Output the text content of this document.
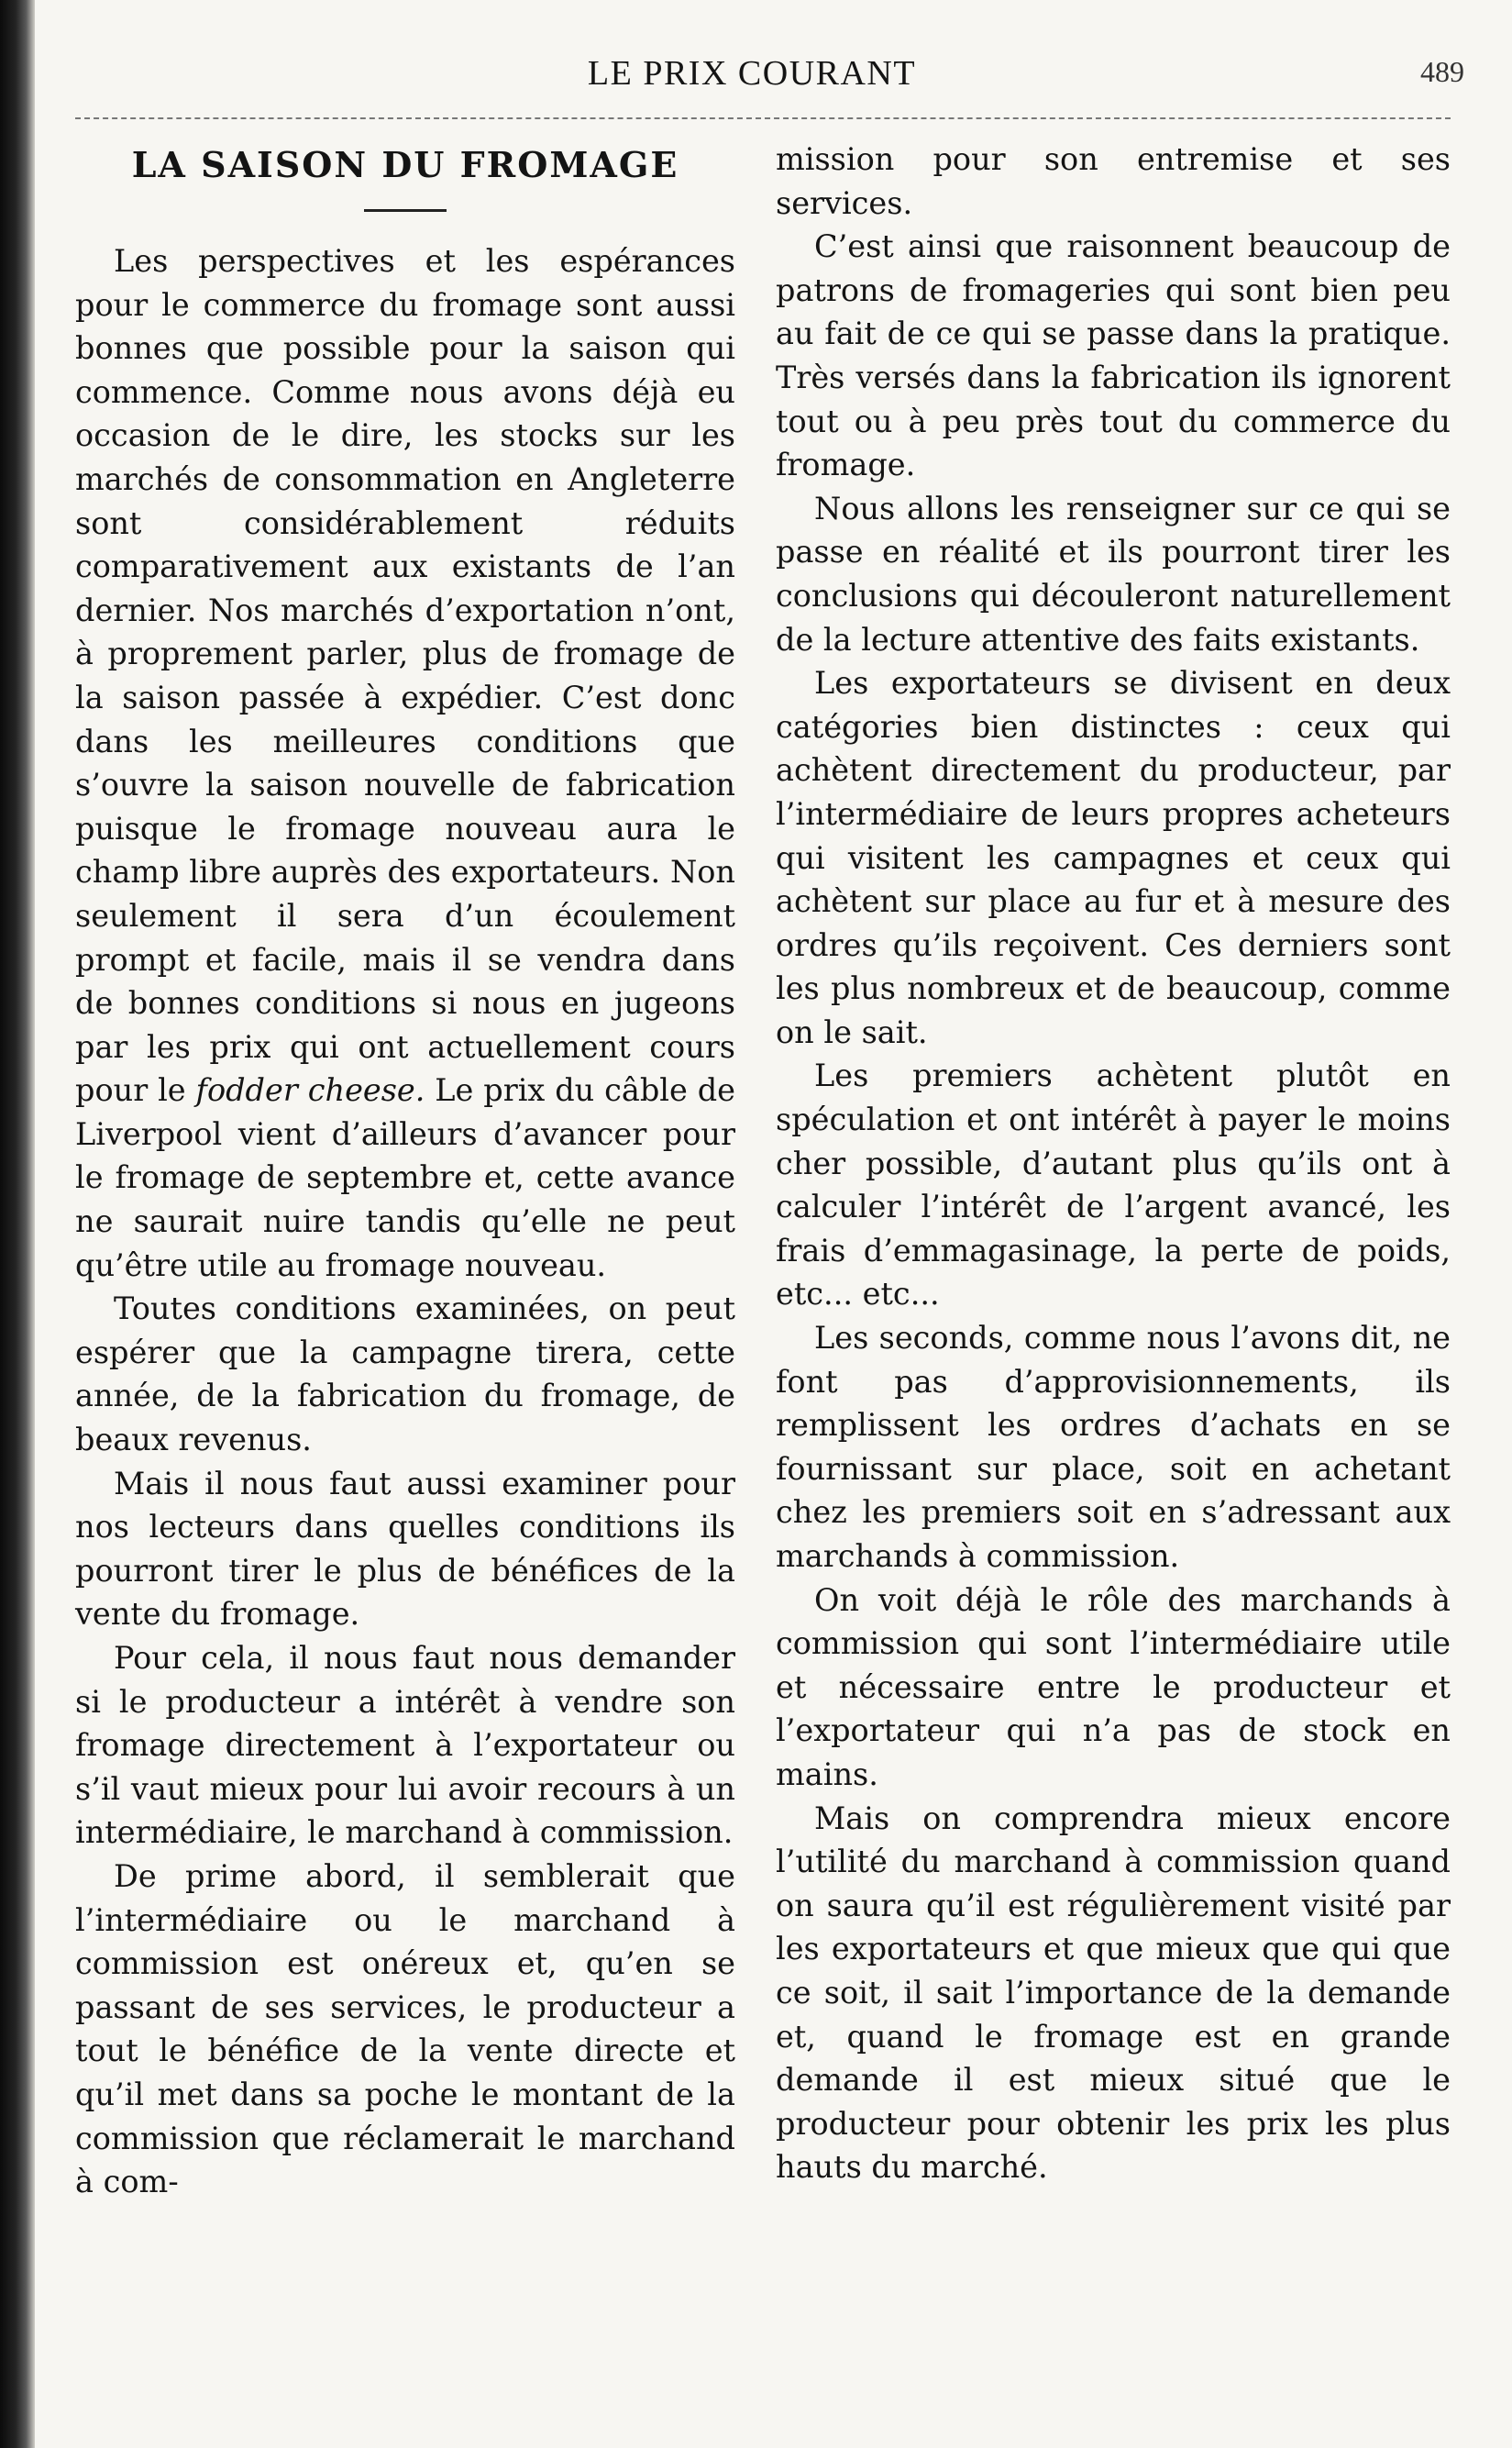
LE PRIX COURANT	489
LA SAISON DU FROMAGE

Les perspectives et les espérances pour le commerce du fromage sont aussi bonnes que possible pour la saison qui commence. Comme nous avons déjà eu occasion de le dire, les stocks sur les marchés de consommation en Angleterre sont considérablement réduits comparativement aux existants de l’an dernier. Nos marchés d’exportation n’ont, à proprement parler, plus de fromage de la saison passée à expédier. C’est donc dans les meilleures conditions que s’ouvre la saison nouvelle de fabrication puisque le fromage nouveau aura le champ libre auprès des exportateurs. Non seulement il sera d’un écoulement prompt et facile, mais il se vendra dans de bonnes conditions si nous en jugeons par les prix qui ont actuellement cours pour le fodder cheese. Le prix du câble de Liverpool vient d’ailleurs d’avancer pour le fromage de septembre et, cette avance ne saurait nuire tandis qu’elle ne peut qu’être utile au fromage nouveau.

Toutes conditions examinées, on peut espérer que la campagne tirera, cette année, de la fabrication du fromage, de beaux revenus.

Mais il nous faut aussi examiner pour nos lecteurs dans quelles conditions ils pourront tirer le plus de bénéfices de la vente du fromage.

Pour cela, il nous faut nous demander si le producteur a intérêt à vendre son fromage directement à l’exportateur ou s’il vaut mieux pour lui avoir recours à un intermédiaire, le marchand à commission.

De prime abord, il semblerait que l’intermédiaire ou le marchand à commission est onéreux et, qu’en se passant de ses services, le producteur a tout le bénéfice de la vente directe et qu’il met dans sa poche le montant de la commission que réclamerait le marchand à com-

mission pour son entremise et ses services.

C’est ainsi que raisonnent beaucoup de patrons de fromageries qui sont bien peu au fait de ce qui se passe dans la pratique. Très versés dans la fabrication ils ignorent tout ou à peu près tout du commerce du fromage.

Nous allons les renseigner sur ce qui se passe en réalité et ils pourront tirer les conclusions qui découleront naturellement de la lecture attentive des faits existants.

Les exportateurs se divisent en deux catégories bien distinctes : ceux qui achètent directement du producteur, par l’intermédiaire de leurs propres acheteurs qui visitent les campagnes et ceux qui achètent sur place au fur et à mesure des ordres qu’ils reçoivent. Ces derniers sont les plus nombreux et de beaucoup, comme on le sait.

Les premiers achètent plutôt en spéculation et ont intérêt à payer le moins cher possible, d’autant plus qu’ils ont à calculer l’intérêt de l’argent avancé, les frais d’emmagasinage, la perte de poids, etc... etc...

Les seconds, comme nous l’avons dit, ne font pas d’approvisionnements, ils remplissent les ordres d’achats en se fournissant sur place, soit en achetant chez les premiers soit en s’adressant aux marchands à commission.

On voit déjà le rôle des marchands à commission qui sont l’intermédiaire utile et nécessaire entre le producteur et l’exportateur qui n’a pas de stock en mains.

Mais on comprendra mieux encore l’utilité du marchand à commission quand on saura qu’il est régulièrement visité par les exportateurs et que mieux que qui que ce soit, il sait l’importance de la demande et, quand le fromage est en grande demande il est mieux situé que le producteur pour obtenir les prix les plus hauts du marché.
